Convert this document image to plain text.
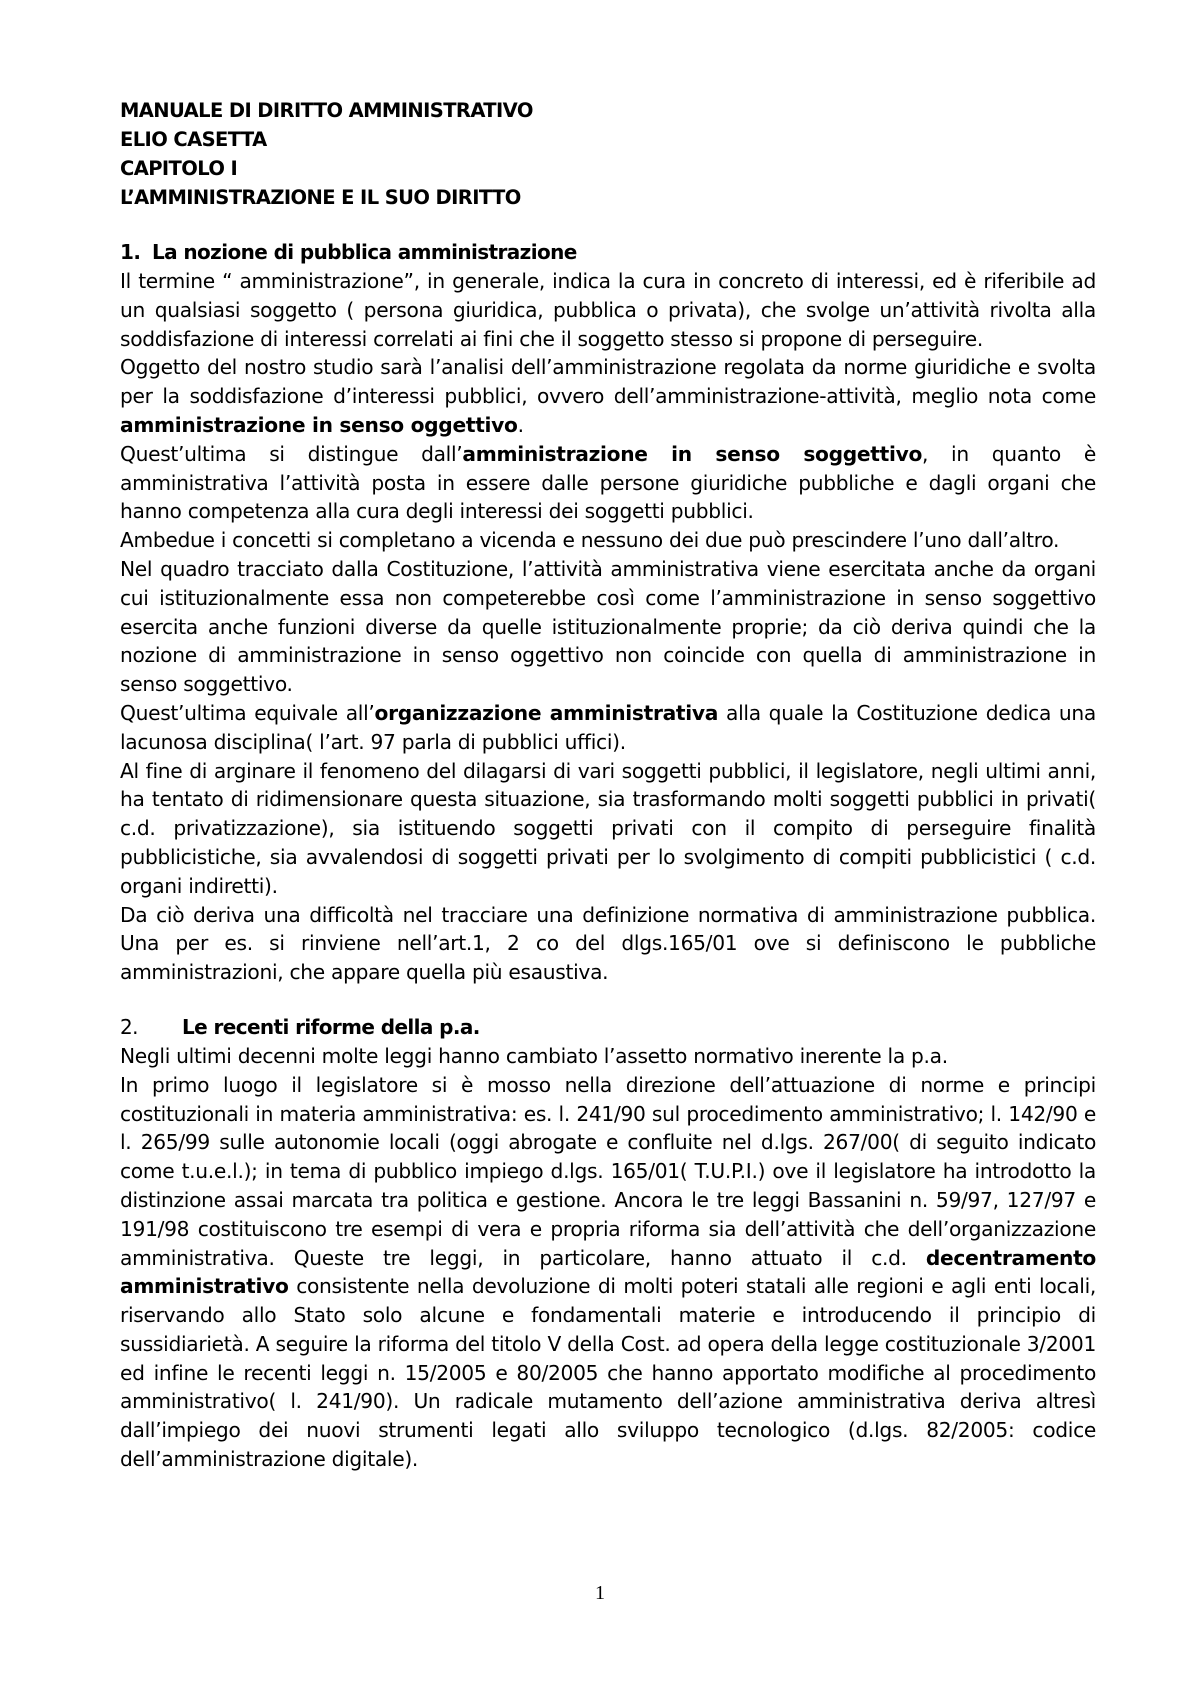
MANUALE DI DIRITTO AMMINISTRATIVO
ELIO CASETTA
CAPITOLO I
L’AMMINISTRAZIONE E IL SUO DIRITTO
1. La nozione di pubblica amministrazione

Il termine “ amministrazione”, in generale, indica la cura in concreto di interessi, ed è riferibile ad un qualsiasi soggetto ( persona giuridica, pubblica o privata), che svolge un’attività rivolta alla soddisfazione di interessi correlati ai fini che il soggetto stesso si propone di perseguire.

Oggetto del nostro studio sarà l’analisi dell’amministrazione regolata da norme giuridiche e svolta per la soddisfazione d’interessi pubblici, ovvero dell’amministrazione-attività, meglio nota come amministrazione in senso oggettivo.

Quest’ultima si distingue dall’amministrazione in senso soggettivo, in quanto è amministrativa l’attività posta in essere dalle persone giuridiche pubbliche e dagli organi che hanno competenza alla cura degli interessi dei soggetti pubblici.

Ambedue i concetti si completano a vicenda e nessuno dei due può prescindere l’uno dall’altro.

Nel quadro tracciato dalla Costituzione, l’attività amministrativa viene esercitata anche da organi cui istituzionalmente essa non competerebbe così come l’amministrazione in senso soggettivo esercita anche funzioni diverse da quelle istituzionalmente proprie; da ciò deriva quindi che la nozione di amministrazione in senso oggettivo non coincide con quella di amministrazione in senso soggettivo.

Quest’ultima equivale all’organizzazione amministrativa alla quale la Costituzione dedica una lacunosa disciplina( l’art. 97 parla di pubblici uffici).

Al fine di arginare il fenomeno del dilagarsi di vari soggetti pubblici, il legislatore, negli ultimi anni, ha tentato di ridimensionare questa situazione, sia trasformando molti soggetti pubblici in privati( c.d. privatizzazione), sia istituendo soggetti privati con il compito di perseguire finalità pubblicistiche, sia avvalendosi di soggetti privati per lo svolgimento di compiti pubblicistici ( c.d. organi indiretti).

Da ciò deriva una difficoltà nel tracciare una definizione normativa di amministrazione pubblica. Una per es. si rinviene nell’art.1, 2 co del dlgs.165/01 ove si definiscono le pubbliche amministrazioni, che appare quella più esaustiva.

2. Le recenti riforme della p.a.

Negli ultimi decenni molte leggi hanno cambiato l’assetto normativo inerente la p.a.

In primo luogo il legislatore si è mosso nella direzione dell’attuazione di norme e principi costituzionali in materia amministrativa: es. l. 241/90 sul procedimento amministrativo; l. 142/90 e l. 265/99 sulle autonomie locali (oggi abrogate e confluite nel d.lgs. 267/00( di seguito indicato come t.u.e.l.); in tema di pubblico impiego d.lgs. 165/01( T.U.P.I.) ove il legislatore ha introdotto la distinzione assai marcata tra politica e gestione. Ancora le tre leggi Bassanini n. 59/97, 127/97 e 191/98 costituiscono tre esempi di vera e propria riforma sia dell’attività che dell’organizzazione amministrativa. Queste tre leggi, in particolare, hanno attuato il c.d. decentramento amministrativo consistente nella devoluzione di molti poteri statali alle regioni e agli enti locali, riservando allo Stato solo alcune e fondamentali materie e introducendo il principio di sussidiarietà. A seguire la riforma del titolo V della Cost. ad opera della legge costituzionale 3/2001 ed infine le recenti leggi n. 15/2005 e 80/2005 che hanno apportato modifiche al procedimento amministrativo( l. 241/90). Un radicale mutamento dell’azione amministrativa deriva altresì dall’impiego dei nuovi strumenti legati allo sviluppo tecnologico (d.lgs. 82/2005: codice dell’amministrazione digitale).

1
